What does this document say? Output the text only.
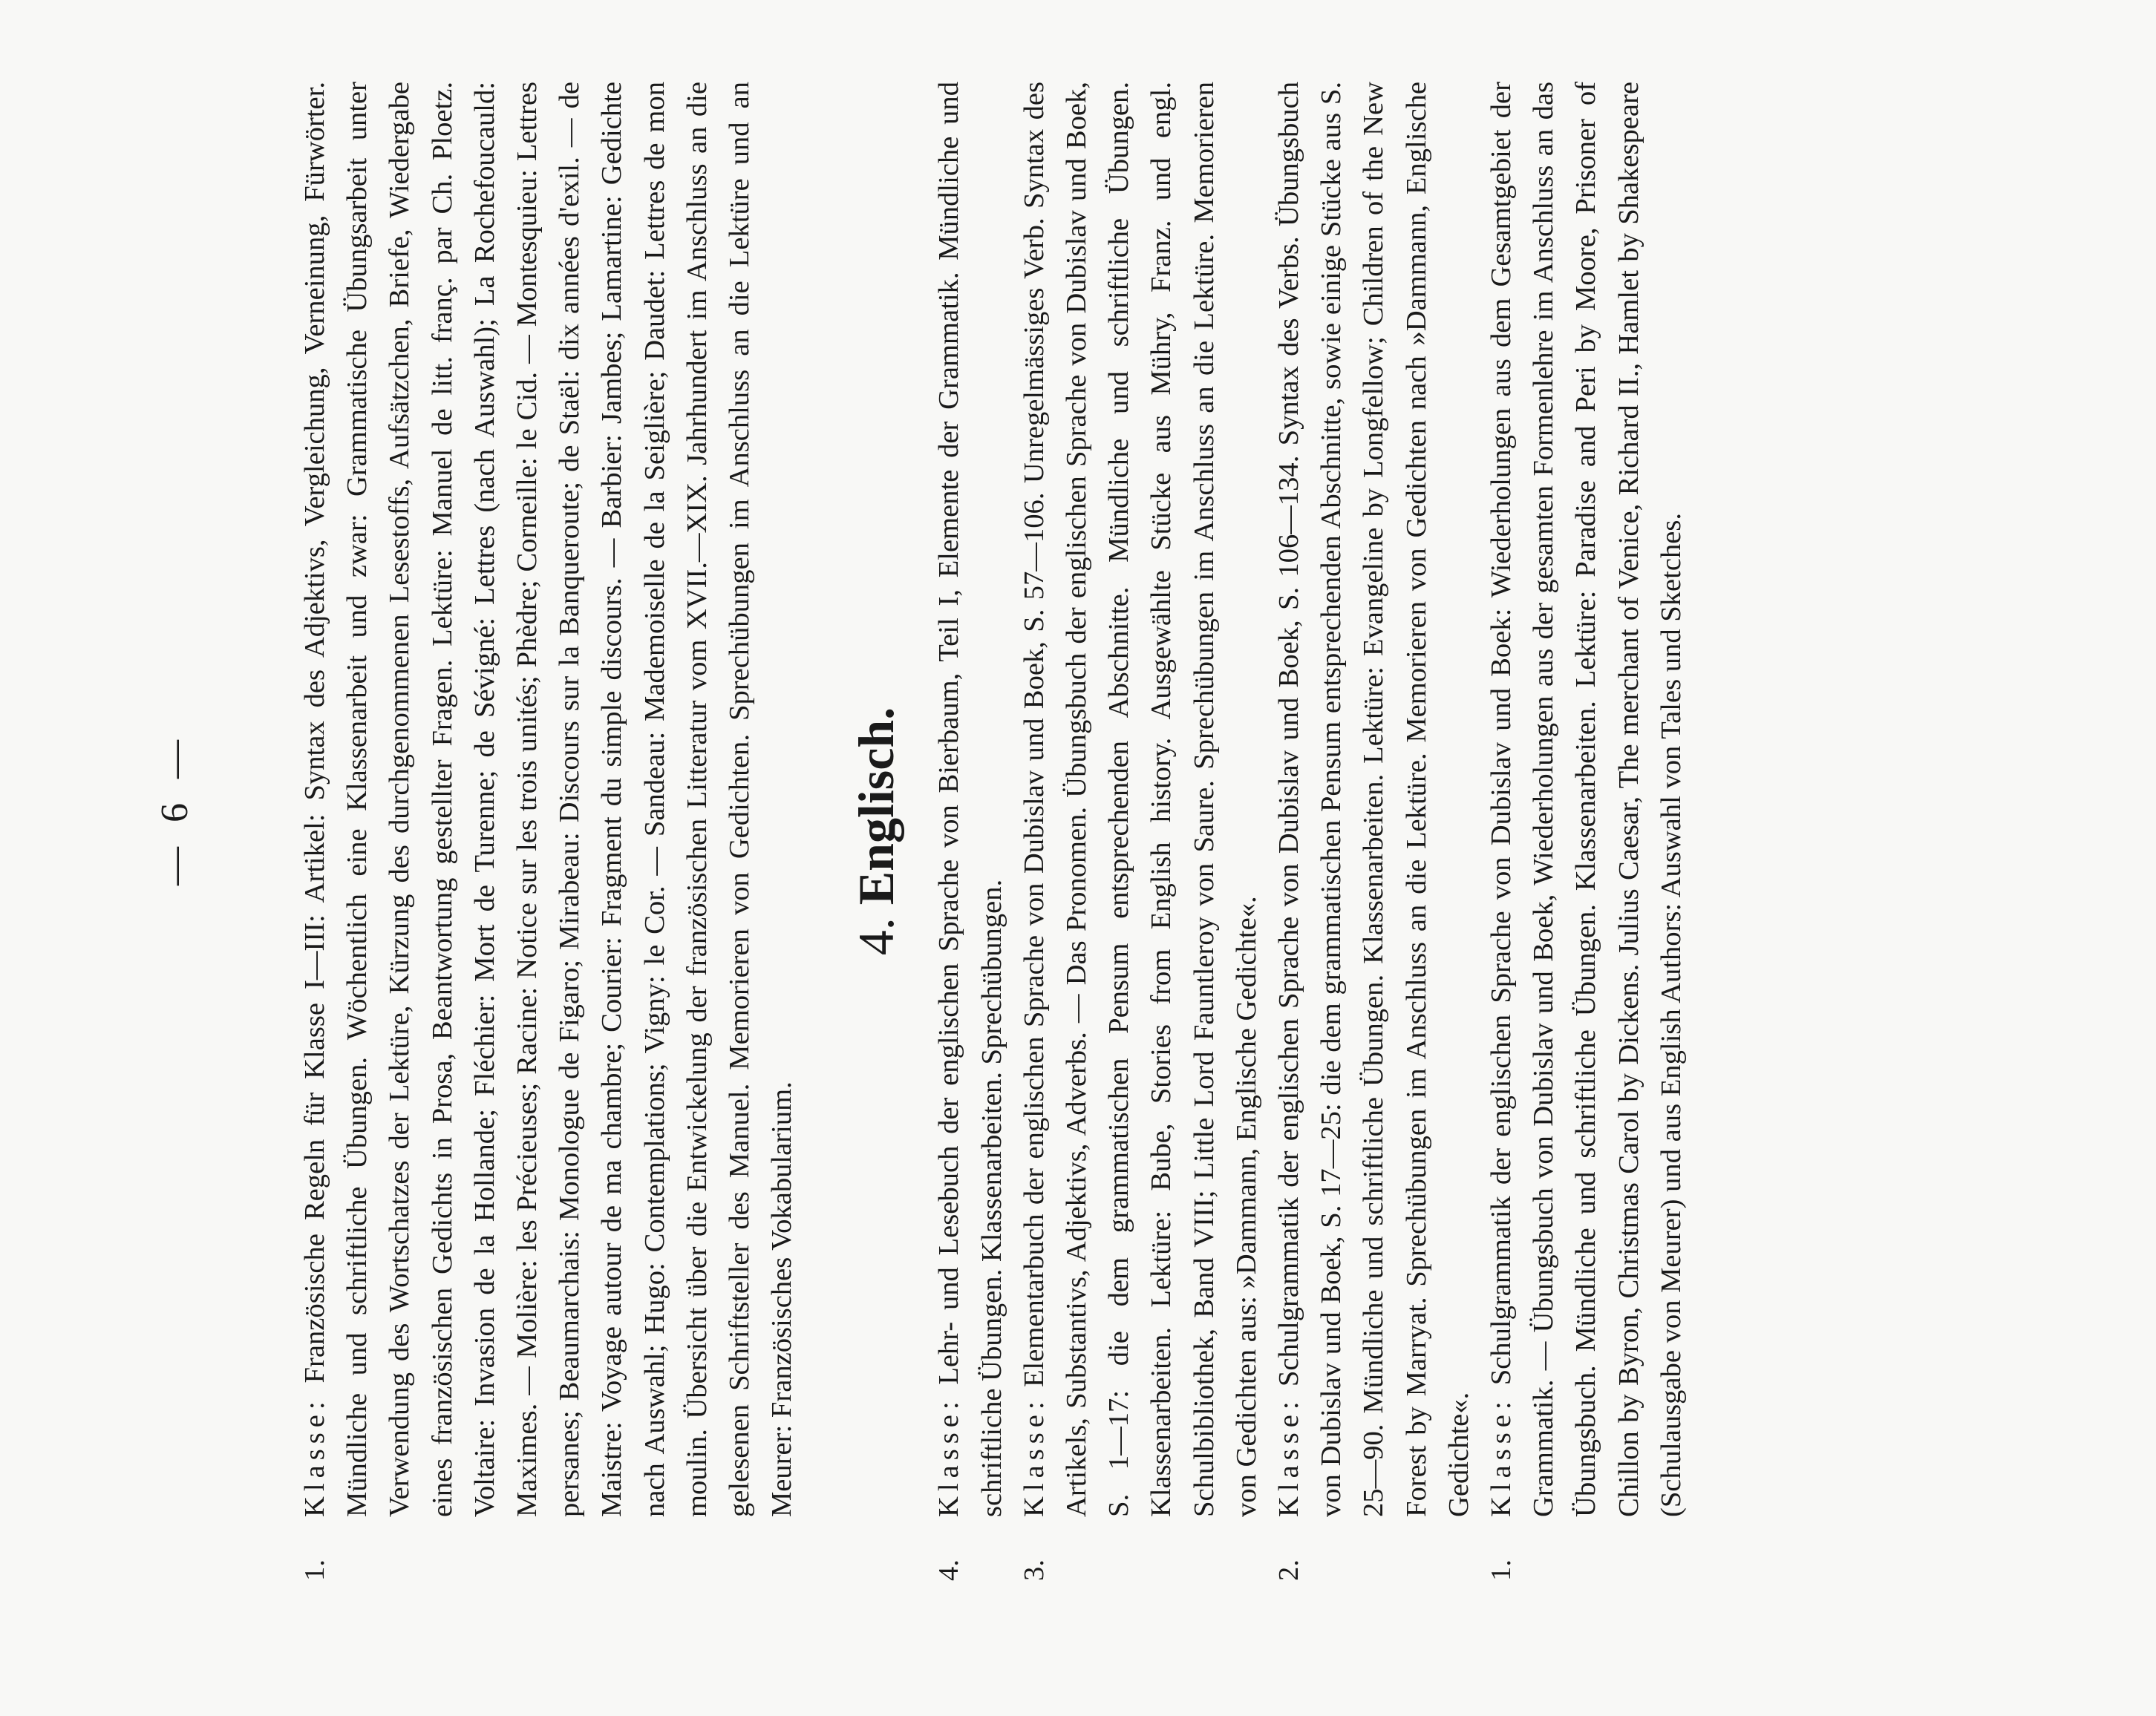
— 6 —

1.
Klasse: Französische Regeln für Klasse I—III: Artikel: Syntax des Adjektivs, Vergleichung, Verneinung, Fürwörter. Mündliche und schriftliche Übungen. Wöchentlich eine Klassenarbeit und zwar: Grammatische Übungsarbeit unter Verwendung des Wortschatzes der Lektüre, Kürzung des durchgenommenen Lesestoffs, Aufsätzchen, Briefe, Wiedergabe eines französischen Gedichts in Prosa, Beantwortung gestellter Fragen. Lektüre: Manuel de litt. franç. par Ch. Ploetz. Voltaire: Invasion de la Hollande; Fléchier: Mort de Turenne; de Sévigné: Lettres (nach Auswahl); La Rochefoucauld: Maximes. — Molière: les Précieuses; Racine: Notice sur les trois unités; Phèdre; Corneille: le Cid. — Montesquieu: Lettres persanes; Beaumarchais: Monologue de Figaro; Mirabeau: Discours sur la Banqueroute; de Staël: dix années d'exil. — de Maistre: Voyage autour de ma chambre; Courier: Fragment du simple discours. — Barbier: Jambes; Lamartine: Gedichte nach Auswahl; Hugo: Contemplations; Vigny: le Cor. — Sandeau: Mademoiselle de la Seiglière; Daudet: Lettres de mon moulin. Übersicht über die Entwickelung der französischen Litteratur vom XVII.—XIX. Jahrhundert im Anschluss an die gelesenen Schriftsteller des Manuel. Memorieren von Gedichten. Sprechübungen im Anschluss an die Lektüre und an Meurer: Französisches Vokabularium.

4. Englisch.

4.
Klasse: Lehr- und Lesebuch der englischen Sprache von Bierbaum, Teil I, Elemente der Grammatik. Mündliche und schriftliche Übungen. Klassenarbeiten. Sprechübungen.

3.
Klasse: Elementarbuch der englischen Sprache von Dubislav und Boek, S. 57—106. Unregelmässiges Verb. Syntax des Artikels, Substantivs, Adjektivs, Adverbs. — Das Pronomen. Übungsbuch der englischen Sprache von Dubislav und Boek, S. 1—17: die dem grammatischen Pensum entsprechenden Abschnitte. Mündliche und schriftliche Übungen. Klassenarbeiten. Lektüre: Bube, Stories from English history. Ausgewählte Stücke aus Mühry, Franz. und engl. Schulbibliothek, Band VIII; Little Lord Fauntleroy von Saure. Sprechübungen im Anschluss an die Lektüre. Memorieren von Gedichten aus: »Dammann, Englische Gedichte«.

2.
Klasse: Schulgrammatik der englischen Sprache von Dubislav und Boek, S. 106—134. Syntax des Verbs. Übungsbuch von Dubislav und Boek, S. 17—25: die dem grammatischen Pensum entsprechenden Abschnitte, sowie einige Stücke aus S. 25—90. Mündliche und schriftliche Übungen. Klassenarbeiten. Lektüre: Evangeline by Longfellow; Children of the New Forest by Marryat. Sprechübungen im Anschluss an die Lektüre. Memorieren von Gedichten nach »Dammann, Englische Gedichte«.

1.
Klasse: Schulgrammatik der englischen Sprache von Dubislav und Boek: Wiederholungen aus dem Gesamtgebiet der Grammatik. — Übungsbuch von Dubislav und Boek, Wiederholungen aus der gesamten Formenlehre im Anschluss an das Übungsbuch. Mündliche und schriftliche Übungen. Klassenarbeiten. Lektüre: Paradise and Peri by Moore, Prisoner of Chillon by Byron, Christmas Carol by Dickens. Julius Caesar, The merchant of Venice, Richard II., Hamlet by Shakespeare (Schulausgabe von Meurer) und aus English Authors: Auswahl von Tales und Sketches.
